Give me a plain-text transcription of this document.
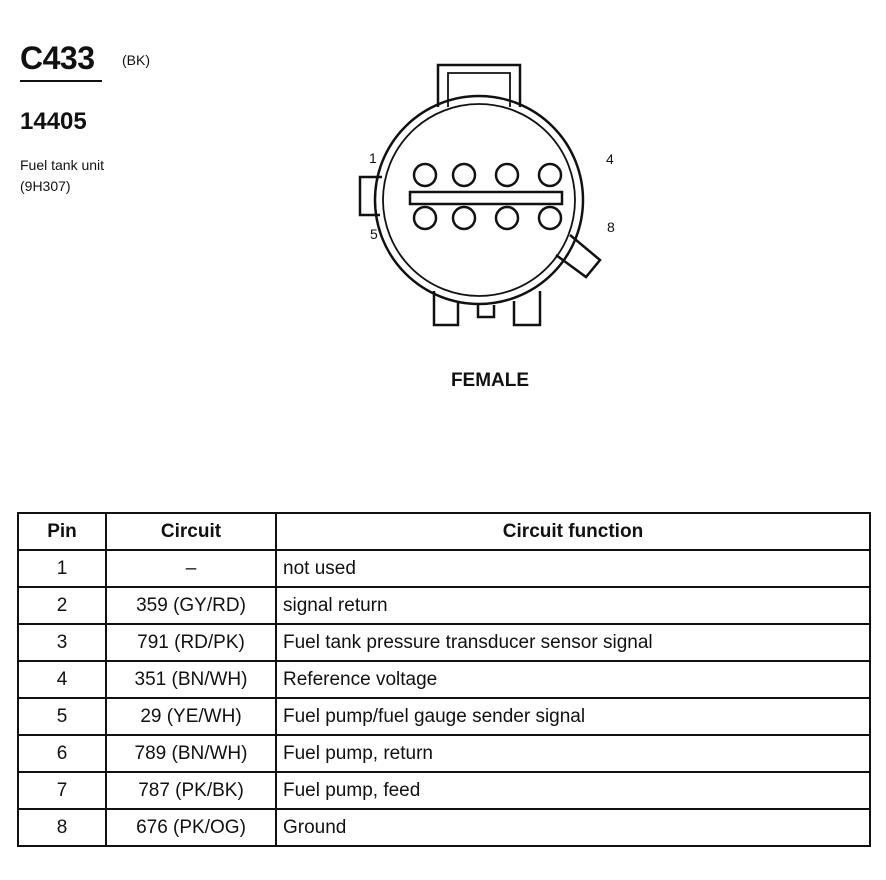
C433 (BK)
14405
Fuel tank unit
(9H307)
1	4
5	8
FEMALE
Pin	Circuit	Circuit function
1	–	not used
2	359 (GY/RD)	signal return
3	791 (RD/PK)	Fuel tank pressure transducer sensor signal
4	351 (BN/WH)	Reference voltage
5	29 (YE/WH)	Fuel pump/fuel gauge sender signal
6	789 (BN/WH)	Fuel pump, return
7	787 (PK/BK)	Fuel pump, feed
8	676 (PK/OG)	Ground
